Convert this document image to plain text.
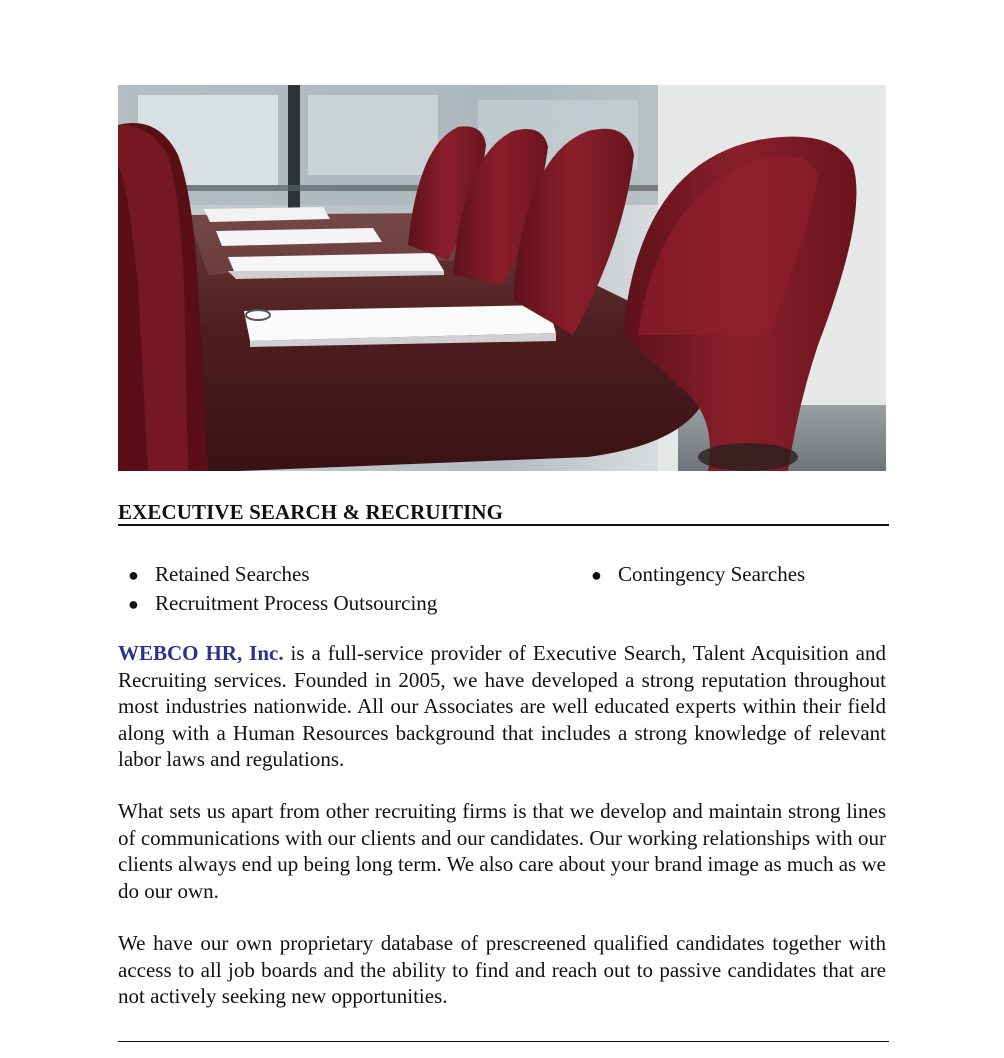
EXECUTIVE SEARCH & RECRUITING
● Retained Searches
● Recruitment Process Outsourcing
● Contingency Searches

WEBCO HR, Inc. is a full-service provider of Executive Search, Talent Acquisition and Recruiting services. Founded in 2005, we have developed a strong reputation throughout most industries nationwide. All our Associates are well educated experts within their field along with a Human Resources background that includes a strong knowledge of relevant labor laws and regulations.

What sets us apart from other recruiting firms is that we develop and maintain strong lines of communications with our clients and our candidates. Our working relationships with our clients always end up being long term. We also care about your brand image as much as we do our own.

We have our own proprietary database of prescreened qualified candidates together with access to all job boards and the ability to find and reach out to passive candidates that are not actively seeking new opportunities.
